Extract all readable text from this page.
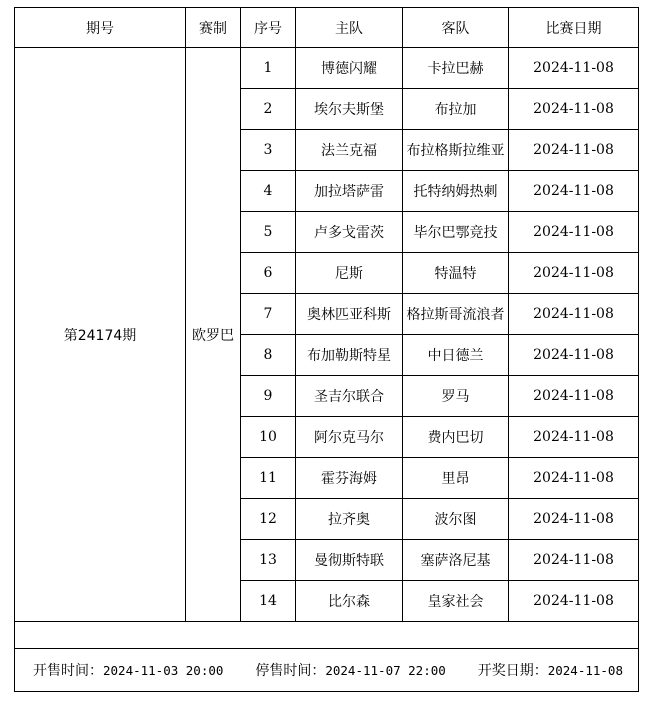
期号	赛制	序号	主队	客队	比赛日期
第24174期	欧罗巴	1	博德闪耀	卡拉巴赫	2024-11-08
		2	埃尔夫斯堡	布拉加	2024-11-08
		3	法兰克福	布拉格斯拉维亚	2024-11-08
		4	加拉塔萨雷	托特纳姆热刺	2024-11-08
		5	卢多戈雷茨	毕尔巴鄂竞技	2024-11-08
		6	尼斯	特温特	2024-11-08
		7	奥林匹亚科斯	格拉斯哥流浪者	2024-11-08
		8	布加勒斯特星	中日德兰	2024-11-08
		9	圣吉尔联合	罗马	2024-11-08
		10	阿尔克马尔	费内巴切	2024-11-08
		11	霍芬海姆	里昂	2024-11-08
		12	拉齐奥	波尔图	2024-11-08
		13	曼彻斯特联	塞萨洛尼基	2024-11-08
		14	比尔森	皇家社会	2024-11-08

开售时间：2024-11-03 20:00 停售时间：2024-11-07 22:00 开奖日期：2024-11-08					
